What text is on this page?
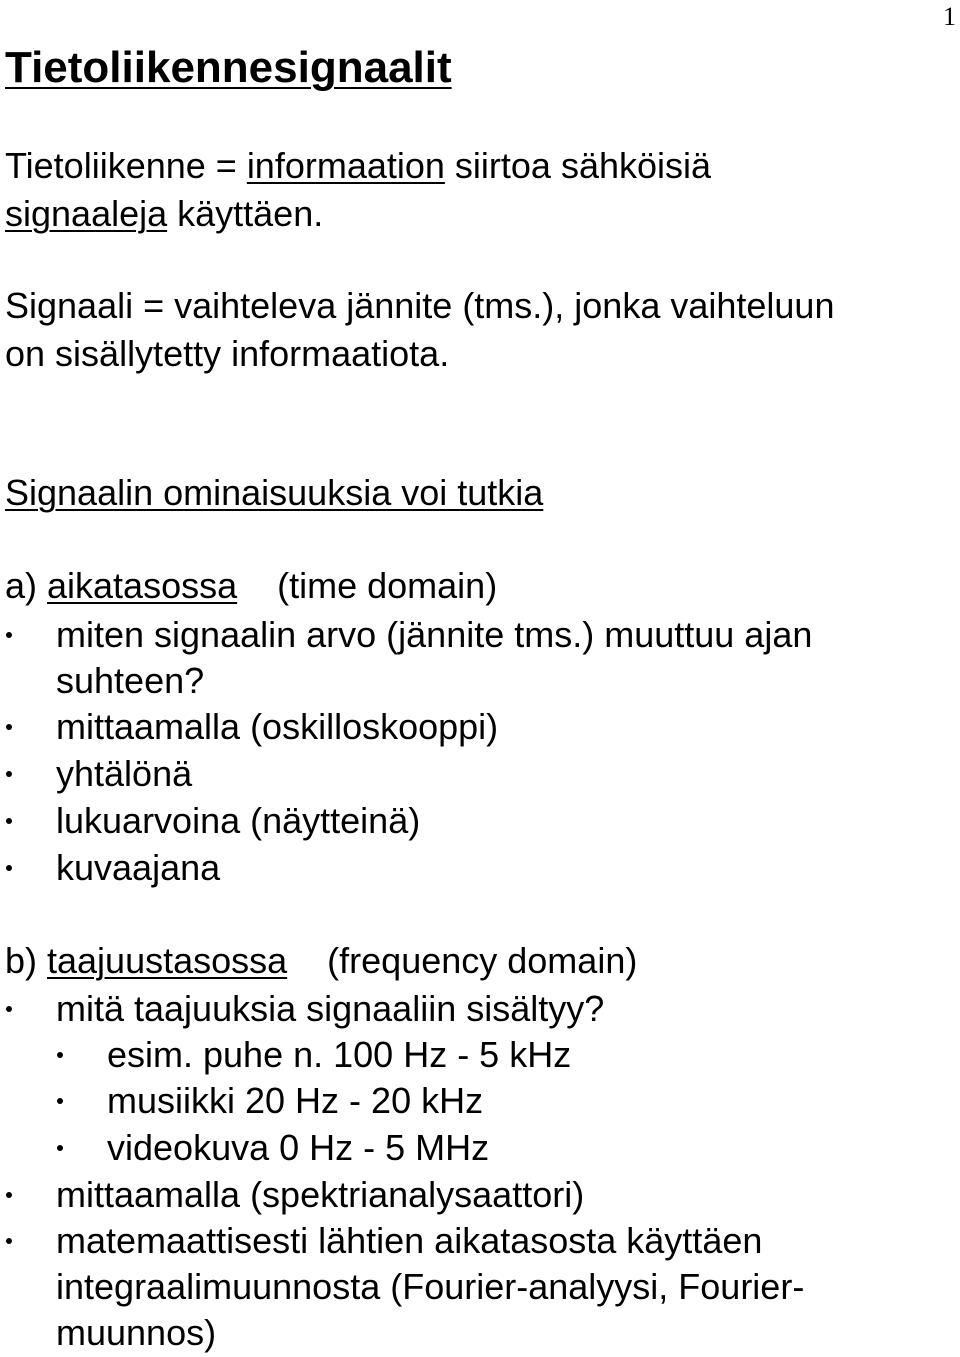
1
Tietoliikennesignaalit

Tietoliikenne = informaation siirtoa sähköisiä
signaaleja käyttäen.

Signaali = vaihteleva jännite (tms.), jonka vaihteluun
on sisällytetty informaatiota.

Signaalin ominaisuuksia voi tutkia
a) aikatasossa    (time domain)
miten signaalin arvo (jännite tms.) muuttuu ajan
suhteen?
mittaamalla (oskilloskooppi)
yhtälönä
lukuarvoina (näytteinä)
kuvaajana
b) taajuustasossa    (frequency domain)
mitä taajuuksia signaaliin sisältyy?
esim. puhe n. 100 Hz - 5 kHz
musiikki 20 Hz - 20 kHz
videokuva 0 Hz - 5 MHz
mittaamalla (spektrianalysaattori)
matemaattisesti lähtien aikatasosta käyttäen
integraalimuunnosta (Fourier-analyysi, Fourier-
muunnos)
